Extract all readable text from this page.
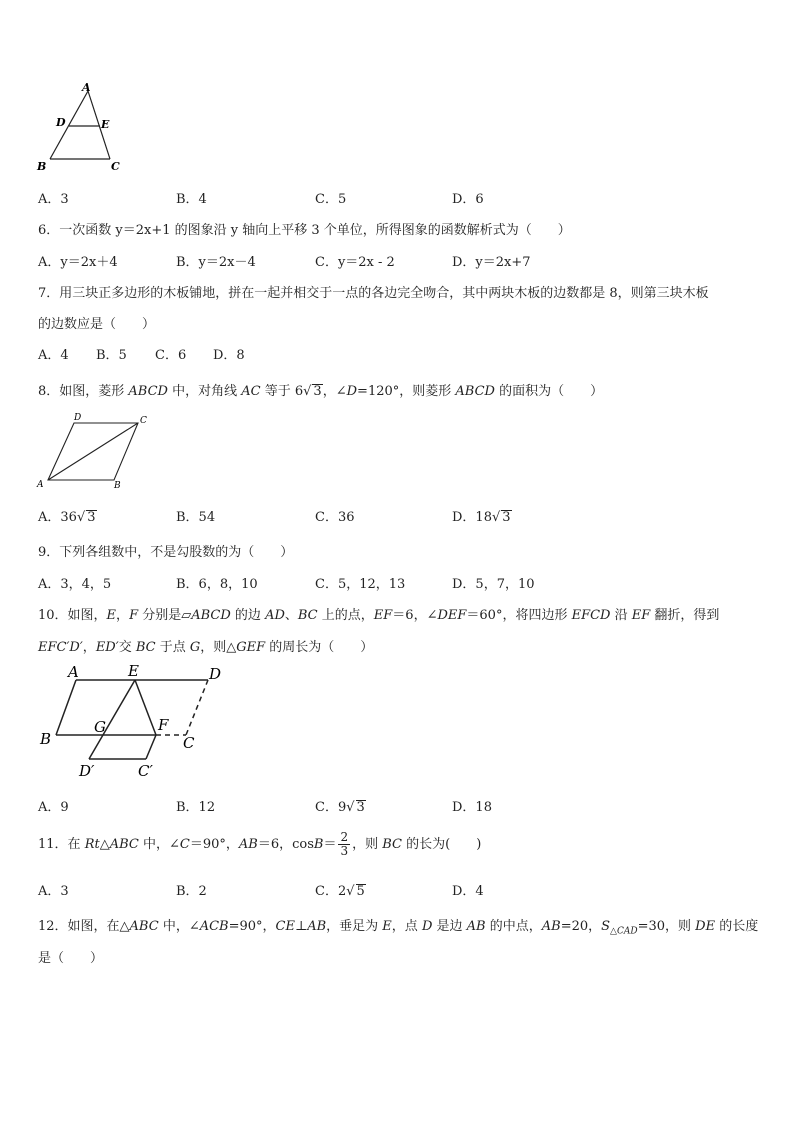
A
D	E
B	C
A．3	B．4	C．5	D．6
6．一次函数 y＝2x+1 的图象沿 y 轴向上平移 3 个单位，所得图象的函数解析式为（　　）
A．y＝2x＋4	B．y＝2x－4	C．y＝2x - 2	D．y＝2x+7
7．用三块正多边形的木板铺地，拼在一起并相交于一点的各边完全吻合，其中两块木板的边数都是 8，则第三块木板
的边数应是（　　）
A．4 B．5 C．6 D．8
8．如图，菱形 ABCD 中，对角线 AC 等于 6√ 3，∠D=120°，则菱形 ABCD 的面积为（　　）
D	C
A	B
A．36√ 3	B．54	C．36	D．18√ 3
9．下列各组数中，不是勾股数的为（　　）
A．3，4，5	B．6，8，10	C．5，12，13	D．5，7，10
10．如图，E，F 分别是▱ABCD 的边 AD、BC 上的点，EF＝6，∠DEF＝60°，将四边形 EFCD 沿 EF 翻折，得到
EFC′D′，ED′交 BC 于点 G，则△GEF 的周长为（　　）
A	E	D
B
G	F
C
D′	C′
A．9	B．12	C．9√ 3	D．18
11．在 Rt△ABC 中，∠C＝90°，AB＝6，$\cos B= \frac{2}{3}$ ，则 BC 的长为(　　)
A．3	B．2	C．2√ 5	D．4
12．如图，在△ABC 中，∠ACB=90°，CE⊥AB，垂足为 E，点 D 是边 AB 的中点，AB=20，$S_{\triangle CAD}=30$，则 DE 的长度
是（　　）
